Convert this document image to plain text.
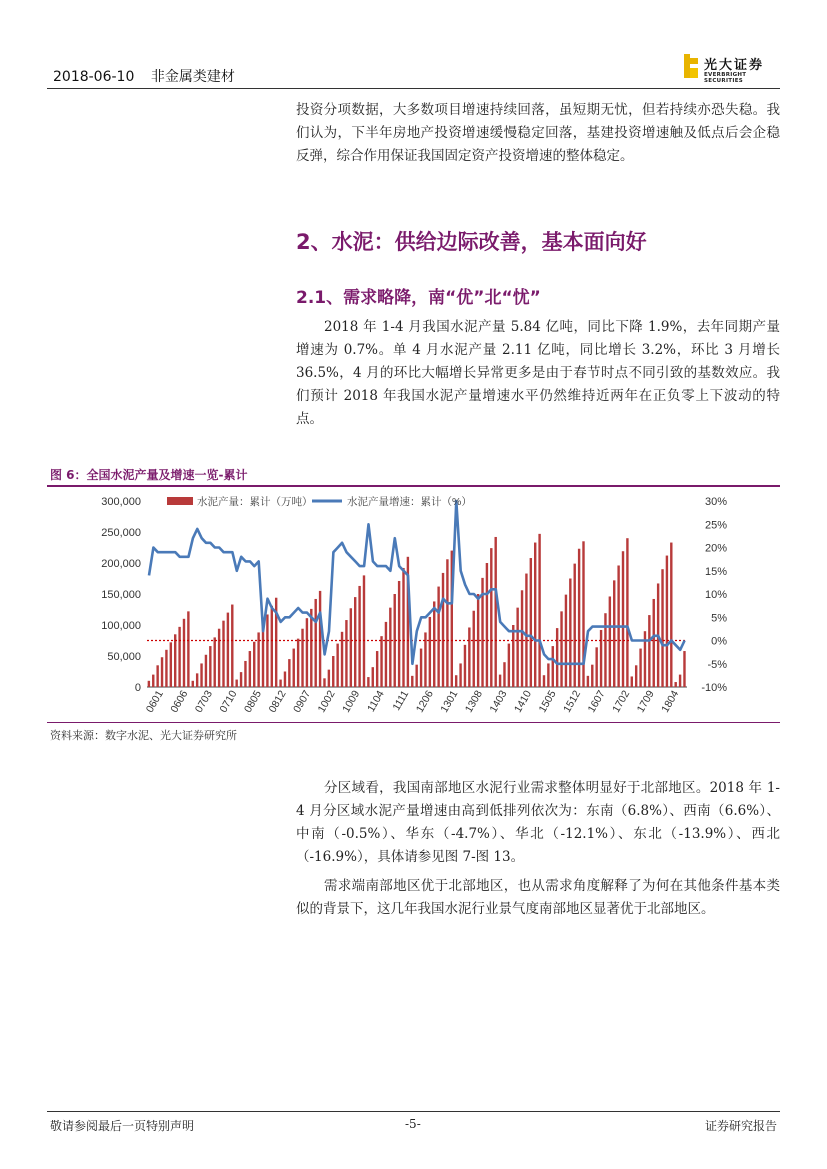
2018-06-10 非金属类建材
光大证券
EVERBRIGHT SECURITIES

投资分项数据，大多数项目增速持续回落，虽短期无忧，但若持续亦恐失稳。我们认为，下半年房地产投资增速缓慢稳定回落，基建投资增速触及低点后会企稳反弹，综合作用保证我国固定资产投资增速的整体稳定。

2、水泥：供给边际改善，基本面向好
2.1、需求略降，南“优”北“忧”

2018 年 1-4 月我国水泥产量 5.84 亿吨，同比下降 1.9%，去年同期产量增速为 0.7%。单 4 月水泥产量 2.11 亿吨，同比增长 3.2%，环比 3 月增长 36.5%，4 月的环比大幅增长异常更多是由于春节时点不同引致的基数效应。我们预计 2018 年我国水泥产量增速水平仍然维持近两年在正负零上下波动的特点。

图 6：全国水泥产量及增速一览-累计
0
50,000
100,000
150,000
200,000
250,000
300,000
-10%
-5%
0%
5%
10%
15%
20%
25%
30%
0601 0606 0703 0710 0805 0812 0907 1002 1009 1104 1111 1206 1301 1308 1403 1410 1505 1512 1607 1702 1709 1804
水泥产量：累计（万吨）	水泥产量增速：累计（%）
资料来源：数字水泥、光大证券研究所

分区域看，我国南部地区水泥行业需求整体明显好于北部地区。2018 年 1-4 月分区域水泥产量增速由高到低排列依次为：东南（6.8%）、西南（6.6%）、中南（-0.5%）、华东（-4.7%）、华北（-12.1%）、东北（-13.9%）、西北（-16.9%），具体请参见图 7-图 13。

需求端南部地区优于北部地区，也从需求角度解释了为何在其他条件基本类似的背景下，这几年我国水泥行业景气度南部地区显著优于北部地区。

敬请参阅最后一页特别声明	-5-	证券研究报告
